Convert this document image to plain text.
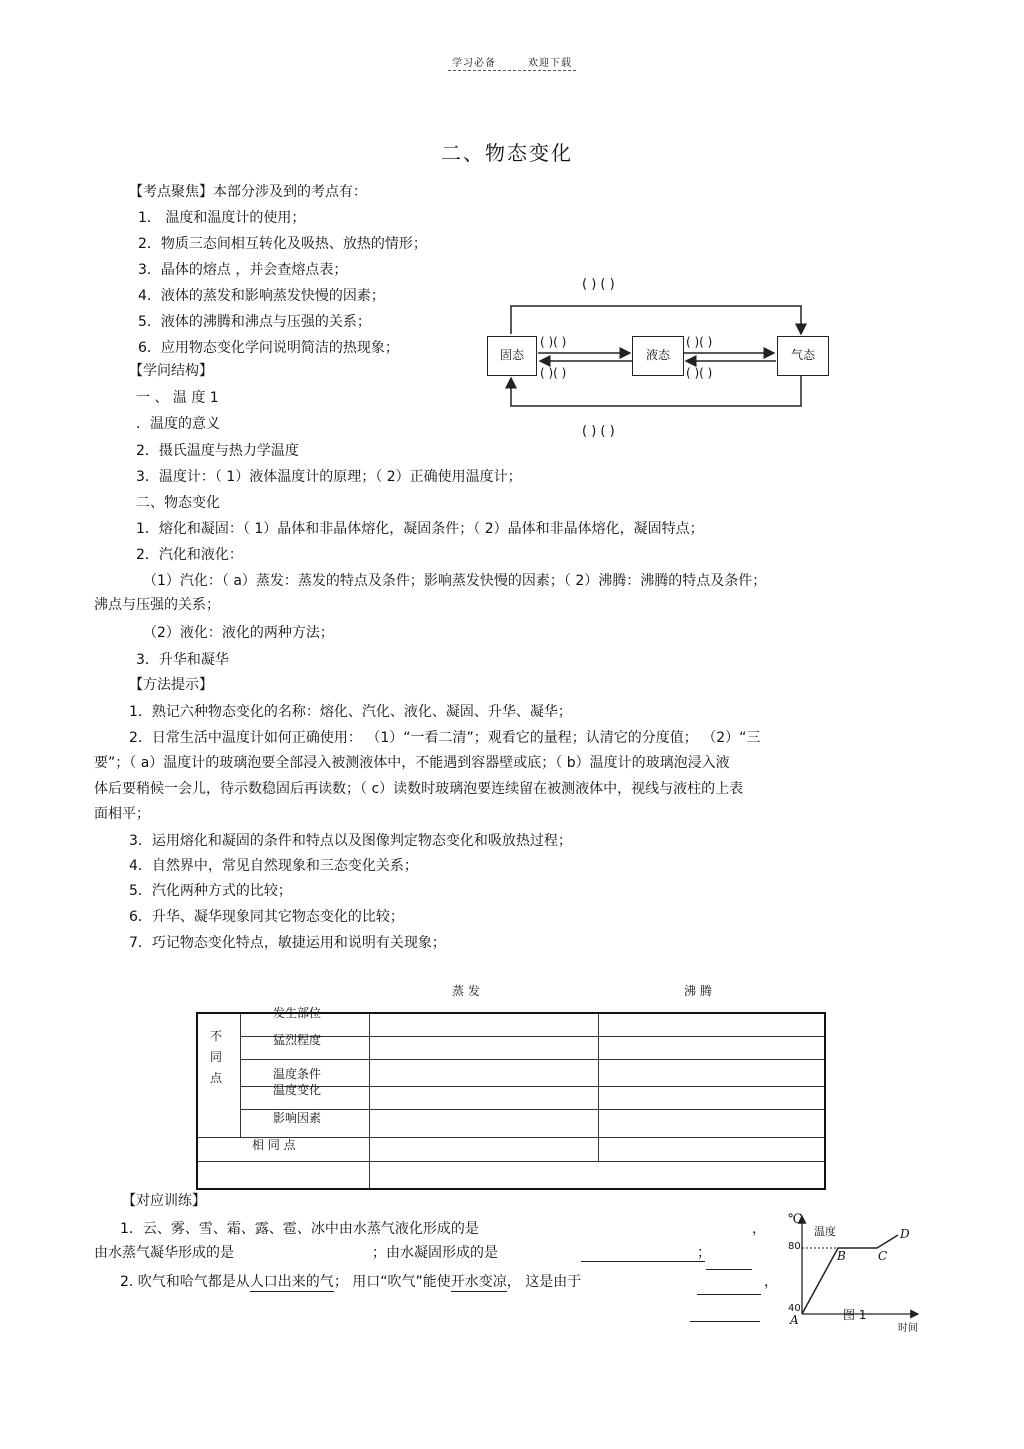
学习必备	欢迎下载
二、物态变化
【考点聚焦】本部分涉及到的考点有：
1． 温度和温度计的使用；
2．物质三态间相互转化及吸热、放热的情形；
3．晶体的熔点 ，并会查熔点表；
4．液体的蒸发和影响蒸发快慢的因素；
5．液体的沸腾和沸点与压强的关系；
6．应用物态变化学问说明简洁的热现象；	固态	液态	气态
( ) ( )
( ) ( )
( )( )
( )( )
( )( )
( )( )
【学问结构】
一 、 温 度 1
．温度的意义
2．摄氏温度与热力学温度
3．温度计：（ 1）液体温度计的原理；（ 2）正确使用温度计；
二、物态变化
1．熔化和凝固：（ 1）晶体和非晶体熔化，凝固条件；（ 2）晶体和非晶体熔化，凝固特点；
2．汽化和液化：
（1）汽化：（ a）蒸发：蒸发的特点及条件；影响蒸发快慢的因素；（ 2）沸腾：沸腾的特点及条件；
沸点与压强的关系；
（2）液化：液化的两种方法；
3．升华和凝华
【方法提示】
1．熟记六种物态变化的名称：熔化、汽化、液化、凝固、升华、凝华；
2．日常生活中温度计如何正确使用： （1）“一看二清”；观看它的量程；认清它的分度值； （2）“三
要”；（ a）温度计的玻璃泡要全部浸入被测液体中，不能遇到容器壁或底；（ b）温度计的玻璃泡浸入液
体后要稍候一会儿，待示数稳固后再读数；（ c）读数时玻璃泡要连续留在被测液体中，视线与液柱的上表
面相平；
3．运用熔化和凝固的条件和特点以及图像判定物态变化和吸放热过程；
4．自然界中，常见自然现象和三态变化关系；
5．汽化两种方式的比较；
6．升华、凝华现象同其它物态变化的比较；
7．巧记物态变化特点，敏捷运用和说明有关现象；
蒸 发	沸 腾
不
同
点	发生部位		

	猛烈程度		

	温度条件		

	温度变化		

	影响因素		

相 同 点			

【对应训练】
1．云、雾、雪、霜、露、雹、冰中由水蒸气液化形成的是	，
由水蒸气凝华形成的是	；由水凝固形成的是	；
2. 吹气和哈气都是从人口出来的气； 用口“吹气”能使开水变凉， 这是由于	，
℃
温度
80
40
A
B	C
D
图 1
时间
